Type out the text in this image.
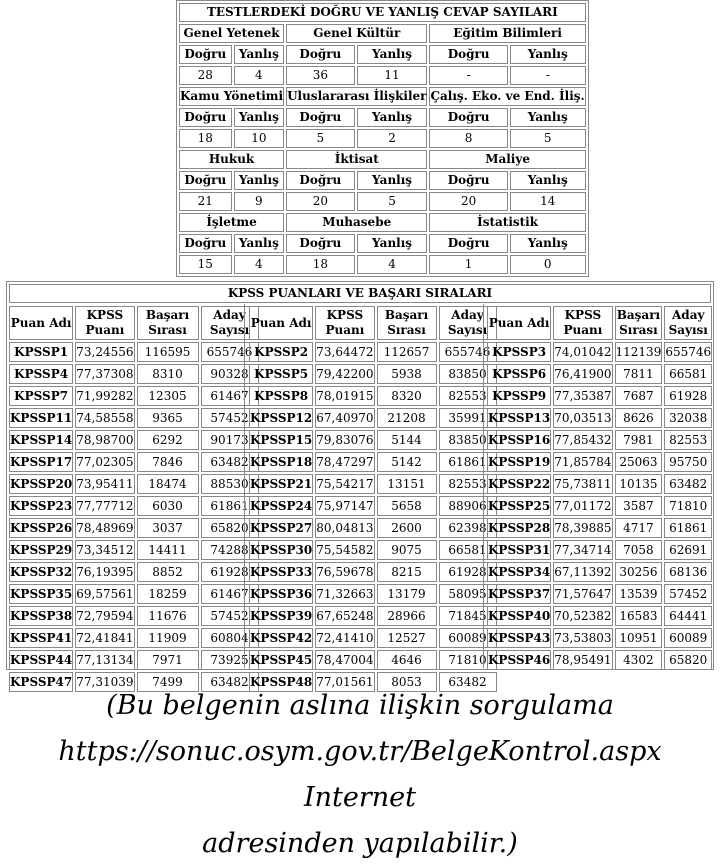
TESTLERDEKİ DOĞRU VE YANLIŞ CEVAP SAYILARI					
Genel Yetenek		Genel Kültür		Eğitim Bilimleri	
Doğru	Yanlış	Doğru	Yanlış	Doğru	Yanlış
28	4	36	11	-	-
Kamu Yönetimi		Uluslararası İlişkiler		Çalış. Eko. ve End. İliş.	
Doğru	Yanlış	Doğru	Yanlış	Doğru	Yanlış
18	10	5	2	8	5
Hukuk		İktisat		Maliye	
Doğru	Yanlış	Doğru	Yanlış	Doğru	Yanlış
21	9	20	5	20	14
İşletme		Muhasebe		İstatistik	
Doğru	Yanlış	Doğru	Yanlış	Doğru	Yanlış
15	4	18	4	1	0
KPSS PUANLARI VE BAŞARI SIRALARI
Puan Adı	KPSS Puanı	Başarı Sırası	Aday Sayısı
KPSSP1	73,24556	116595	655746
KPSSP4	77,37308	8310	90328
KPSSP7	71,99282	12305	61467
KPSSP11	74,58558	9365	57452
KPSSP14	78,98700	6292	90173
KPSSP17	77,02305	7846	63482
KPSSP20	73,95411	18474	88530
KPSSP23	77,77712	6030	61861
KPSSP26	78,48969	3037	65820
KPSSP29	73,34512	14411	74288
KPSSP32	76,19395	8852	61928
KPSSP35	69,57561	18259	61467
KPSSP38	72,79594	11676	57452
KPSSP41	72,41841	11909	60804
KPSSP44	77,13134	7971	73925
KPSSP47	77,31039	7499	63482
Puan Adı	KPSS Puanı	Başarı Sırası	Aday Sayısı
KPSSP2	73,64472	112657	655746
KPSSP5	79,42200	5938	83850
KPSSP8	78,01915	8320	82553
KPSSP12	67,40970	21208	35991
KPSSP15	79,83076	5144	83850
KPSSP18	78,47297	5142	61861
KPSSP21	75,54217	13151	82553
KPSSP24	75,97147	5658	88906
KPSSP27	80,04813	2600	62398
KPSSP30	75,54582	9075	66581
KPSSP33	76,59678	8215	61928
KPSSP36	71,32663	13179	58095
KPSSP39	67,65248	28966	71845
KPSSP42	72,41410	12527	60089
KPSSP45	78,47004	4646	71810
KPSSP48	77,01561	8053	63482
Puan Adı	KPSS Puanı	Başarı Sırası	Aday Sayısı
KPSSP3	74,01042	112139	655746
KPSSP6	76,41900	7811	66581
KPSSP9	77,35387	7687	61928
KPSSP13	70,03513	8626	32038
KPSSP16	77,85432	7981	82553
KPSSP19	71,85784	25063	95750
KPSSP22	75,73811	10135	63482
KPSSP25	77,01172	3587	71810
KPSSP28	78,39885	4717	61861
KPSSP31	77,34714	7058	62691
KPSSP34	67,11392	30256	68136
KPSSP37	71,57647	13539	57452
KPSSP40	70,52382	16583	64441
KPSSP43	73,53803	10951	60089
KPSSP46	78,95491	4302	65820
(Bu belgenin aslına ilişkin sorgulama
https://sonuc.osym.gov.tr/BelgeKontrol.aspx Internet
adresinden yapılabilir.)
